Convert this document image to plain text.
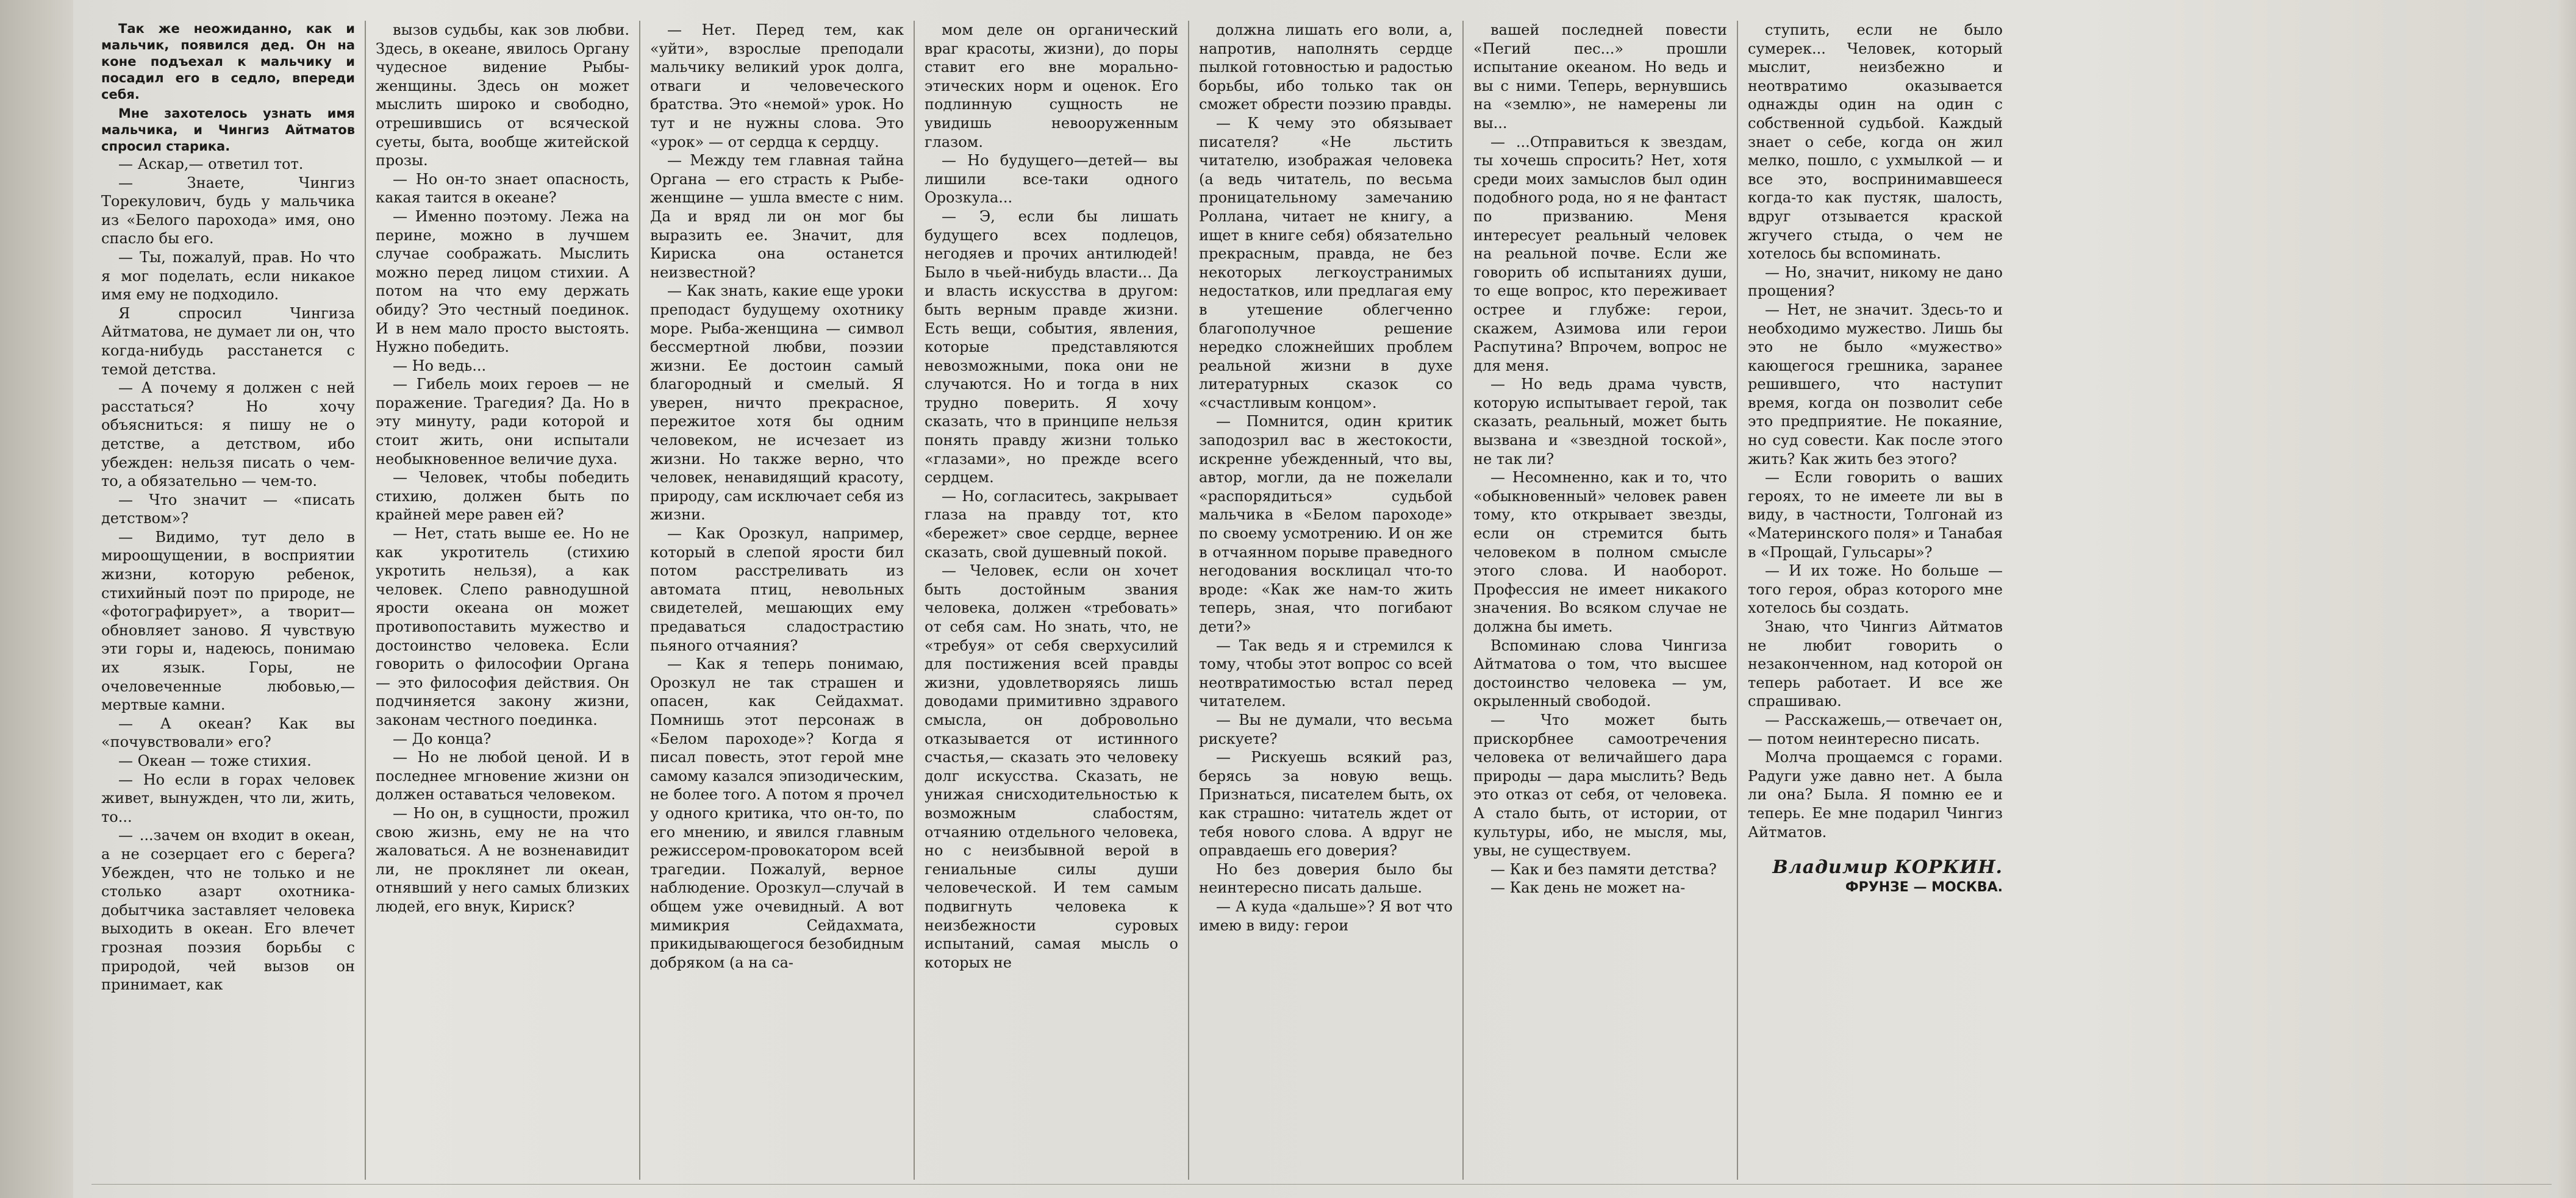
Так же неожиданно, как и мальчик, появился дед. Он на коне подъехал к мальчику и посадил его в седло, впереди себя.

Мне захотелось узнать имя мальчика, и Чингиз Айтматов спросил старика.

— Аскар,— ответил тот.

— Знаете, Чингиз Торекулович, будь у мальчика из «Белого парохода» имя, оно спасло бы его.

— Ты, пожалуй, прав. Но что я мог поделать, если никакое имя ему не подходило.

Я спросил Чингиза Айтматова, не думает ли он, что когда-нибудь расстанется с темой детства.

— А почему я должен с ней расстаться? Но хочу объясниться: я пишу не о детстве, а детством, ибо убежден: нельзя писать о чем-то, а обязательно — чем-то.

— Что значит — «писать детством»?

— Видимо, тут дело в мироощущении, в восприятии жизни, которую ребенок, стихийный поэт по природе, не «фотографирует», а творит—обновляет заново. Я чувствую эти горы и, надеюсь, понимаю их язык. Горы, не очеловеченные любовью,— мертвые камни.

— А океан? Как вы «почувствовали» его?

— Океан — тоже стихия.

— Но если в горах человек живет, вынужден, что ли, жить, то...

— ...зачем он входит в океан, а не созерцает его с берега? Убежден, что не только и не столько азарт охотника-добытчика заставляет человека выходить в океан. Его влечет грозная поэзия борьбы с природой, чей вызов он принимает, как

вызов судьбы, как зов любви. Здесь, в океане, явилось Органу чудесное видение Рыбы-женщины. Здесь он может мыслить широко и свободно, отрешившись от всяческой суеты, быта, вообще житейской прозы.

— Но он-то знает опасность, какая таится в океане?

— Именно поэтому. Лежа на перине, можно в лучшем случае соображать. Мыслить можно перед лицом стихии. А потом на что ему держать обиду? Это честный поединок. И в нем мало просто выстоять. Нужно победить.

— Но ведь...

— Гибель моих героев — не поражение. Трагедия? Да. Но в эту минуту, ради которой и стоит жить, они испытали необыкновенное величие духа.

— Человек, чтобы победить стихию, должен быть по крайней мере равен ей?

— Нет, стать выше ее. Но не как укротитель (стихию укротить нельзя), а как человек. Слепо равнодушной ярости океана он может противопоставить мужество и достоинство человека. Если говорить о философии Органа — это философия действия. Он подчиняется закону жизни, законам честного поединка.

— До конца?

— Но не любой ценой. И в последнее мгновение жизни он должен оставаться человеком.

— Но он, в сущности, прожил свою жизнь, ему не на что жаловаться. А не возненавидит ли, не проклянет ли океан, отнявший у него самых близких людей, его внук, Кириск?

— Нет. Перед тем, как «уйти», взрослые преподали мальчику великий урок долга, отваги и человеческого братства. Это «немой» урок. Но тут и не нужны слова. Это «урок» — от сердца к сердцу.

— Между тем главная тайна Органа — его страсть к Рыбе-женщине — ушла вместе с ним. Да и вряд ли он мог бы выразить ее. Значит, для Кириска она останется неизвестной?

— Как знать, какие еще уроки преподаст будущему охотнику море. Рыба-женщина — символ бессмертной любви, поэзии жизни. Ее достоин самый благородный и смелый. Я уверен, ничто прекрасное, пережитое хотя бы одним человеком, не исчезает из жизни. Но также верно, что человек, ненавидящий красоту, природу, сам исключает себя из жизни.

— Как Орозкул, например, который в слепой ярости бил потом расстреливать из автомата птиц, невольных свидетелей, мешающих ему предаваться сладострастию пьяного отчаяния?

— Как я теперь понимаю, Орозкул не так страшен и опасен, как Сейдахмат. Помнишь этот персонаж в «Белом пароходе»? Когда я писал повесть, этот герой мне самому казался эпизодическим, не более того. А потом я прочел у одного критика, что он-то, по его мнению, и явился главным режиссером-провокатором всей трагедии. Пожалуй, верное наблюдение. Орозкул—случай в общем уже очевидный. А вот мимикрия Сейдахмата, прикидывающегося безобидным добряком (а на са-

мом деле он органический враг красоты, жизни), до поры ставит его вне морально-этических норм и оценок. Его подлинную сущность не увидишь невооруженным глазом.

— Но будущего—детей— вы лишили все-таки одного Орозкула...

— Э, если бы лишать будущего всех подлецов, негодяев и прочих антилюдей! Было в чьей-нибудь власти... Да и власть искусства в другом: быть верным правде жизни. Есть вещи, события, явления, которые представляются невозможными, пока они не случаются. Но и тогда в них трудно поверить. Я хочу сказать, что в принципе нельзя понять правду жизни только «глазами», но прежде всего сердцем.

— Но, согласитесь, закрывает глаза на правду тот, кто «бережет» свое сердце, вернее сказать, свой душевный покой.

— Человек, если он хочет быть достойным звания человека, должен «требовать» от себя сам. Но знать, что, не «требуя» от себя сверхусилий для постижения всей правды жизни, удовлетворяясь лишь доводами примитивно здравого смысла, он добровольно отказывается от истинного счастья,— сказать это человеку долг искусства. Сказать, не унижая снисходительностью к возможным слабостям, отчаянию отдельного человека, но с неизбывной верой в гениальные силы души человеческой. И тем самым подвигнуть человека к неизбежности суровых испытаний, самая мысль о которых не

должна лишать его воли, а, напротив, наполнять сердце пылкой готовностью и радостью борьбы, ибо только так он сможет обрести поэзию правды.

— К чему это обязывает писателя? «Не льстить читателю, изображая человека (а ведь читатель, по весьма проницательному замечанию Роллана, читает не книгу, а ищет в книге себя) обязательно прекрасным, правда, не без некоторых легкоустранимых недостатков, или предлагая ему в утешение облегченно благополучное решение нередко сложнейших проблем реальной жизни в духе литературных сказок со «счастливым концом».

— Помнится, один критик заподозрил вас в жестокости, искренне убежденный, что вы, автор, могли, да не пожелали «распорядиться» судьбой мальчика в «Белом пароходе» по своему усмотрению. И он же в отчаянном порыве праведного негодования восклицал что-то вроде: «Как же нам-то жить теперь, зная, что погибают дети?»

— Так ведь я и стремился к тому, чтобы этот вопрос со всей неотвратимостью встал перед читателем.

— Вы не думали, что весьма рискуете?

— Рискуешь всякий раз, берясь за новую вещь. Признаться, писателем быть, ох как страшно: читатель ждет от тебя нового слова. А вдруг не оправдаешь его доверия?

Но без доверия было бы неинтересно писать дальше.

— А куда «дальше»? Я вот что имею в виду: герои

вашей последней повести «Пегий пес...» прошли испытание океаном. Но ведь и вы с ними. Теперь, вернувшись на «землю», не намерены ли вы...

— ...Отправиться к звездам, ты хочешь спросить? Нет, хотя среди моих замыслов был один подобного рода, но я не фантаст по призванию. Меня интересует реальный человек на реальной почве. Если же говорить об испытаниях души, то еще вопрос, кто переживает острее и глубже: герои, скажем, Азимова или герои Распутина? Впрочем, вопрос не для меня.

— Но ведь драма чувств, которую испытывает герой, так сказать, реальный, может быть вызвана и «звездной тоской», не так ли?

— Несомненно, как и то, что «обыкновенный» человек равен тому, кто открывает звезды, если он стремится быть человеком в полном смысле этого слова. И наоборот. Профессия не имеет никакого значения. Во всяком случае не должна бы иметь.

Вспоминаю слова Чингиза Айтматова о том, что высшее достоинство человека — ум, окрыленный свободой.

— Что может быть прискорбнее самоотречения человека от величайшего дара природы — дара мыслить? Ведь это отказ от себя, от человека. А стало быть, от истории, от культуры, ибо, не мысля, мы, увы, не существуем.

— Как и без памяти детства?

— Как день не может на-

ступить, если не было сумерек... Человек, который мыслит, неизбежно и неотвратимо оказывается однажды один на один с собственной судьбой. Каждый знает о себе, когда он жил мелко, пошло, с ухмылкой — и все это, воспринимавшееся когда-то как пустяк, шалость, вдруг отзывается краской жгучего стыда, о чем не хотелось бы вспоминать.

— Но, значит, никому не дано прощения?

— Нет, не значит. Здесь-то и необходимо мужество. Лишь бы это не было «мужество» кающегося грешника, заранее решившего, что наступит время, когда он позволит себе это предприятие. Не покаяние, но суд совести. Как после этого жить? Как жить без этого?

— Если говорить о ваших героях, то не имеете ли вы в виду, в частности, Толгонай из «Материнского поля» и Танабая в «Прощай, Гульсары»?

— И их тоже. Но больше — того героя, образ которого мне хотелось бы создать.

Знаю, что Чингиз Айтматов не любит говорить о незаконченном, над которой он теперь работает. И все же спрашиваю.

— Расскажешь,— отвечает он,— потом неинтересно писать.

Молча прощаемся с горами. Радуги уже давно нет. А была ли она? Была. Я помню ее и теперь. Ее мне подарил Чингиз Айтматов.

Владимир КОРКИН.
ФРУНЗЕ — МОСКВА.
